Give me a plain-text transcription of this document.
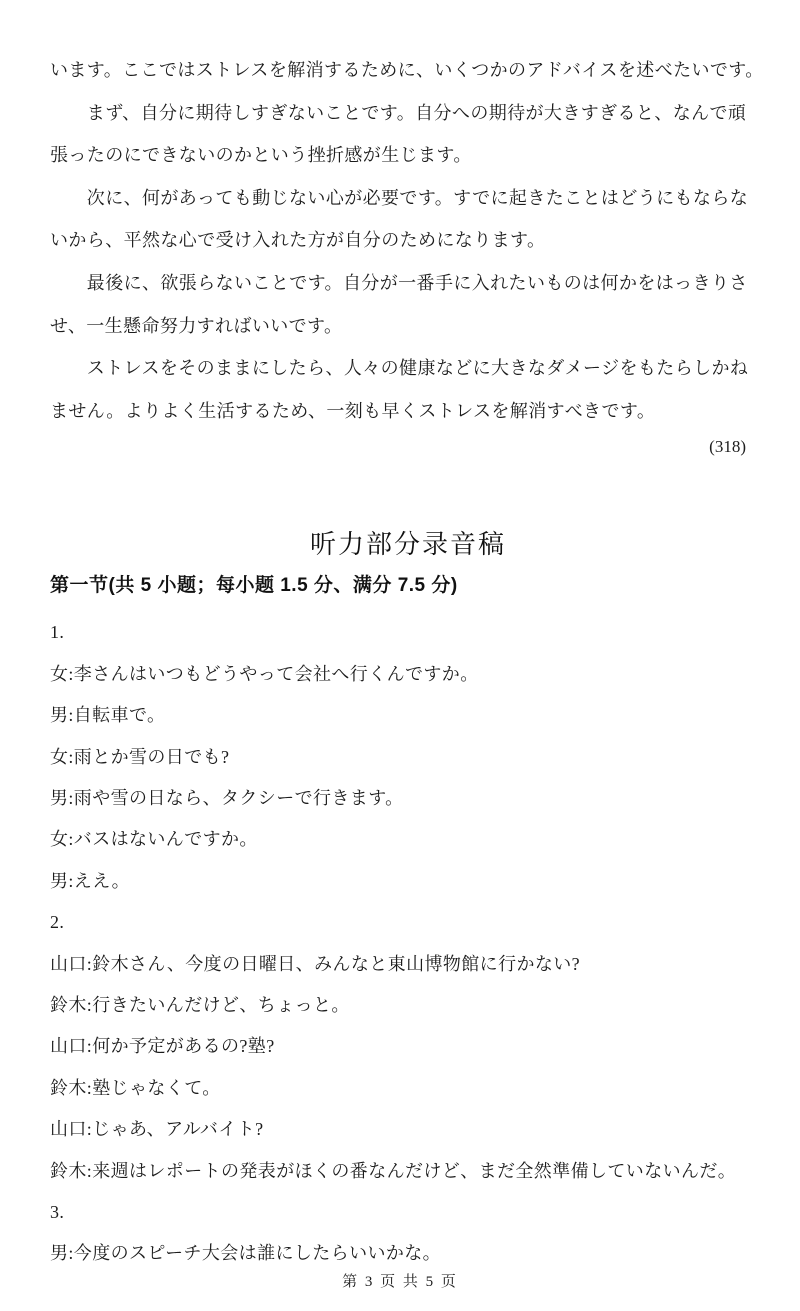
います。ここではストレスを解消するために、いくつかのアドバイスを述べたいです。
　　まず、自分に期待しすぎないことです。自分への期待が大きすぎると、なんで頑
張ったのにできないのかという挫折感が生じます。
　　次に、何があっても動じない心が必要です。すでに起きたことはどうにもならな
いから、平然な心で受け入れた方が自分のためになります。
　　最後に、欲張らないことです。自分が一番手に入れたいものは何かをはっきりさ
せ、一生懸命努力すればいいです。
　　ストレスをそのままにしたら、人々の健康などに大きなダメージをもたらしかね
ません。よりよく生活するため、一刻も早くストレスを解消すべきです。
(318)
听力部分录音稿
第一节(共 5 小题；每小题 1.5 分、满分 7.5 分)
1.
女:李さんはいつもどうやって会社へ行くんですか。
男:自転車で。
女:雨とか雪の日でも?
男:雨や雪の日なら、タクシーで行きます。
女:バスはないんですか。
男:ええ。
2.
山口:鈴木さん、今度の日曜日、みんなと東山博物館に行かない?
鈴木:行きたいんだけど、ちょっと。
山口:何か予定があるの?塾?
鈴木:塾じゃなくて。
山口:じゃあ、アルバイト?
鈴木:来週はレポートの発表がほくの番なんだけど、まだ全然準備していないんだ。
3.
男:今度のスピーチ大会は誰にしたらいいかな。
第 3 页 共 5 页
